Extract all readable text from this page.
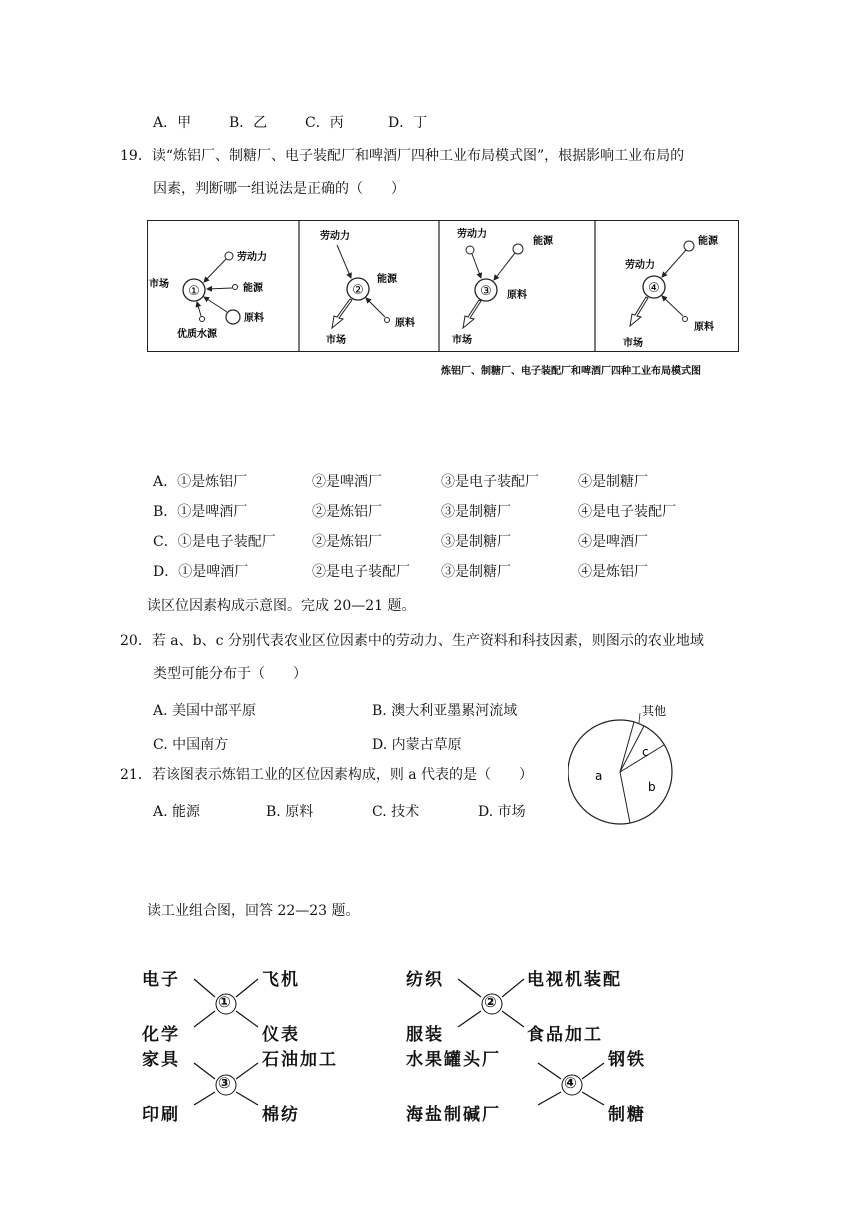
A．甲	B．乙	C．丙	D．丁
19．读“炼铝厂、制糖厂、电子装配厂和啤酒厂四种工业布局模式图”，根据影响工业布局的
因素，判断哪一组说法是正确的（　　）
①
市场
劳动力
能源
原料
优质水源
②
劳动力
能源
原料
市场
③
劳动力
能源
原料
市场
④
能源
劳动力
原料
市场
炼铝厂、制糖厂、电子装配厂和啤酒厂四种工业布局模式图
A．①是炼铝厂	②是啤酒厂	③是电子装配厂	④是制糖厂
B．①是啤酒厂	②是炼铝厂	③是制糖厂	④是电子装配厂
C．①是电子装配厂	②是炼铝厂	③是制糖厂	④是啤酒厂
D．①是啤酒厂	②是电子装配厂 ③是制糖厂	④是炼铝厂
读区位因素构成示意图。完成 20—21 题。
20．若 a、b、c 分别代表农业区位因素中的劳动力、生产资料和科技因素，则图示的农业地域
类型可能分布于（　　）
A. 美国中部平原	B. 澳大利亚墨累河流域
C. 中国南方	D. 内蒙古草原
21．若该图表示炼铝工业的区位因素构成，则 a 代表的是（　　）
A. 能源	B. 原料	C. 技术	D. 市场
a
b
c
其他
读工业组合图，回答 22—23 题。
电子	飞机
①
化学	仪表
纺织	电视机装配
②
服装	食品加工
家具	石油加工
③
印刷	棉纺
水果罐头厂	钢铁
④
海盐制碱厂	制糖
